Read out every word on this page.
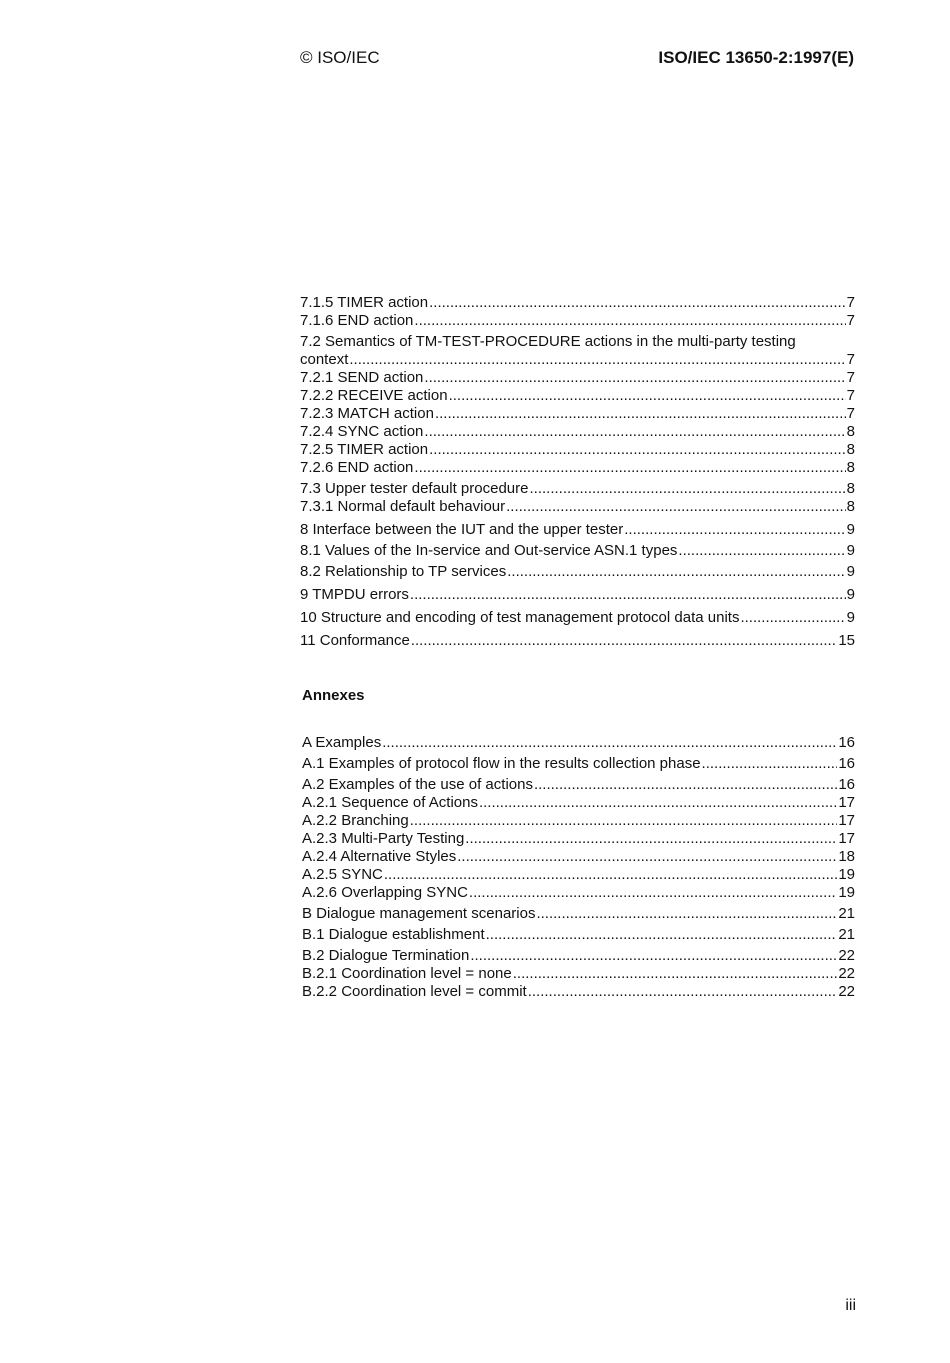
© ISO/IEC	ISO/IEC 13650-2:1997(E)
7.1.5 TIMER action .....	7
7.1.6 END action .....	7
7.2 Semantics of TM-TEST-PROCEDURE actions in the multi-party testing
context .....	7
7.2.1 SEND action .....	7
7.2.2 RECEIVE action .....	7
7.2.3 MATCH action .....	7
7.2.4 SYNC action .....	8
7.2.5 TIMER action .....	8
7.2.6 END action .....	8
7.3 Upper tester default procedure .....	8
7.3.1 Normal default behaviour .....	8
8 Interface between the IUT and the upper tester .....	9
8.1 Values of the In-service and Out-service ASN.1 types .....	9
8.2 Relationship to TP services .....	9
9 TMPDU errors .....	9
10 Structure and encoding of test management protocol data units .....	9
11 Conformance .....	15
Annexes
A Examples .....	16
A.1 Examples of protocol flow in the results collection phase .....	16
A.2 Examples of the use of actions .....	16
A.2.1 Sequence of Actions .....	17
A.2.2 Branching .....	17
A.2.3 Multi-Party Testing .....	17
A.2.4 Alternative Styles .....	18
A.2.5 SYNC .....	19
A.2.6 Overlapping SYNC .....	19
B Dialogue management scenarios .....	21
B.1 Dialogue establishment .....	21
B.2 Dialogue Termination .....	22
B.2.1 Coordination level = none .....	22
B.2.2 Coordination level = commit .....	22
iii
